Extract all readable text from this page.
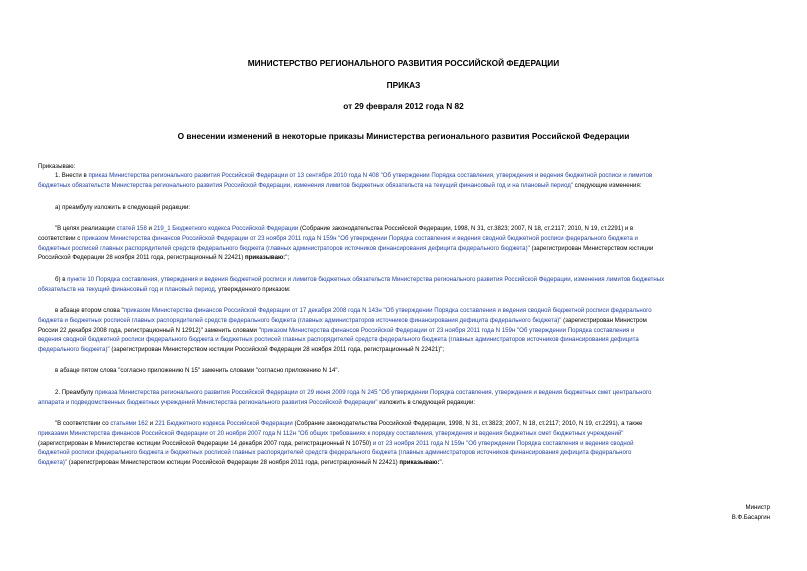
МИНИСТЕРСТВО РЕГИОНАЛЬНОГО РАЗВИТИЯ РОССИЙСКОЙ ФЕДЕРАЦИИ
ПРИКАЗ
от 29 февраля 2012 года N 82
О внесении изменений в некоторые приказы Министерства регионального развития Российской Федерации
Приказываю:
1. Внести в приказ Министерства регионального развития Российской Федерации от 13 сентября 2010 года N 408 "Об утверждении Порядка составления, утверждения и ведения бюджетной росписи и лимитов
бюджетных обязательств Министерства регионального развития Российской Федерации, изменения лимитов бюджетных обязательств на текущий финансовый год и на плановый период" следующие изменения:
а) преамбулу изложить в следующей редакции:
"В целях реализации статей 158 и 219_1 Бюджетного кодекса Российской Федерации (Собрание законодательства Российской Федерации, 1998, N 31, ст.3823; 2007, N 18, ст.2117; 2010, N 19, ст.2291) и в
соответствии с приказом Министерства финансов Российской Федерации от 23 ноября 2011 года N 159н "Об утверждении Порядка составления и ведения сводной бюджетной росписи федерального бюджета и
бюджетных росписей главных распорядителей средств федерального бюджета (главных администраторов источников финансирования дефицита федерального бюджета)" (зарегистрирован Министерством юстиции
Российской Федерации 28 ноября 2011 года, регистрационный N 22421) приказываю:";
б) в пункте 10 Порядка составления, утверждения и ведения бюджетной росписи и лимитов бюджетных обязательств Министерства регионального развития Российской Федерации, изменения лимитов бюджетных
обязательств на текущий финансовый год и плановый период, утвержденного приказом:
в абзаце втором слова "приказом Министерства финансов Российской Федерации от 17 декабря 2008 года N 143н "Об утверждении Порядка составления и ведения сводной бюджетной росписи федерального
бюджета и бюджетных росписей главных распорядителей средств федерального бюджета (главных администраторов источников финансирования дефицита федерального бюджета)" (зарегистрирован Министром
России 22 декабря 2008 года, регистрационный N 12912)" заменить словами "приказом Министерства финансов Российской Федерации от 23 ноября 2011 года N 159н "Об утверждении Порядка составления и
ведения сводной бюджетной росписи федерального бюджета и бюджетных росписей главных распорядителей средств федерального бюджета (главных администраторов источников финансирования дефицита
федерального бюджета)" (зарегистрирован Министерством юстиции Российской Федерации 28 ноября 2011 года, регистрационный N 22421)";
в абзаце пятом слова "согласно приложению N 15" заменить словами "согласно приложению N 14".
2. Преамбулу приказа Министерства регионального развития Российской Федерации от 29 июня 2009 года N 245 "Об утверждении Порядка составления, утверждения и ведения бюджетных смет центрального
аппарата и подведомственных бюджетных учреждений Министерства регионального развития Российской Федерации" изложить в следующей редакции:
"В соответствии со статьями 162 и 221 Бюджетного кодекса Российской Федерации (Собрание законодательства Российской Федерации, 1998, N 31, ст.3823; 2007, N 18, ст.2117; 2010, N 19, ст.2291), а также
приказами Министерства финансов Российской Федерации от 20 ноября 2007 года N 112н "Об общих требованиях к порядку составления, утверждения и ведения бюджетных смет бюджетных учреждений"
(зарегистрирован в Министерстве юстиции Российской Федерации 14 декабря 2007 года, регистрационный N 10750) и от 23 ноября 2011 года N 159н "Об утверждении Порядка составления и ведения сводной
бюджетной росписи федерального бюджета и бюджетных росписей главных распорядителей средств федерального бюджета (главных администраторов источников финансирования дефицита федерального
бюджета)" (зарегистрирован Министерством юстиции Российской Федерации 28 ноября 2011 года, регистрационный N 22421) приказываю:".
Министр
В.Ф.Басаргин
